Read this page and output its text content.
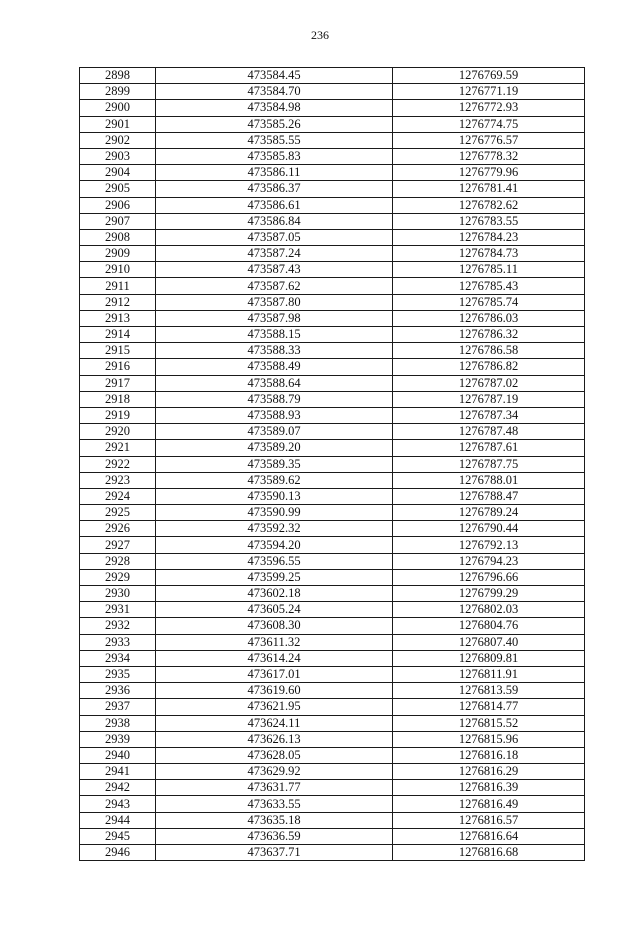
236
2898	473584.45	1276769.59
2899	473584.70	1276771.19
2900	473584.98	1276772.93
2901	473585.26	1276774.75
2902	473585.55	1276776.57
2903	473585.83	1276778.32
2904	473586.11	1276779.96
2905	473586.37	1276781.41
2906	473586.61	1276782.62
2907	473586.84	1276783.55
2908	473587.05	1276784.23
2909	473587.24	1276784.73
2910	473587.43	1276785.11
2911	473587.62	1276785.43
2912	473587.80	1276785.74
2913	473587.98	1276786.03
2914	473588.15	1276786.32
2915	473588.33	1276786.58
2916	473588.49	1276786.82
2917	473588.64	1276787.02
2918	473588.79	1276787.19
2919	473588.93	1276787.34
2920	473589.07	1276787.48
2921	473589.20	1276787.61
2922	473589.35	1276787.75
2923	473589.62	1276788.01
2924	473590.13	1276788.47
2925	473590.99	1276789.24
2926	473592.32	1276790.44
2927	473594.20	1276792.13
2928	473596.55	1276794.23
2929	473599.25	1276796.66
2930	473602.18	1276799.29
2931	473605.24	1276802.03
2932	473608.30	1276804.76
2933	473611.32	1276807.40
2934	473614.24	1276809.81
2935	473617.01	1276811.91
2936	473619.60	1276813.59
2937	473621.95	1276814.77
2938	473624.11	1276815.52
2939	473626.13	1276815.96
2940	473628.05	1276816.18
2941	473629.92	1276816.29
2942	473631.77	1276816.39
2943	473633.55	1276816.49
2944	473635.18	1276816.57
2945	473636.59	1276816.64
2946	473637.71	1276816.68
